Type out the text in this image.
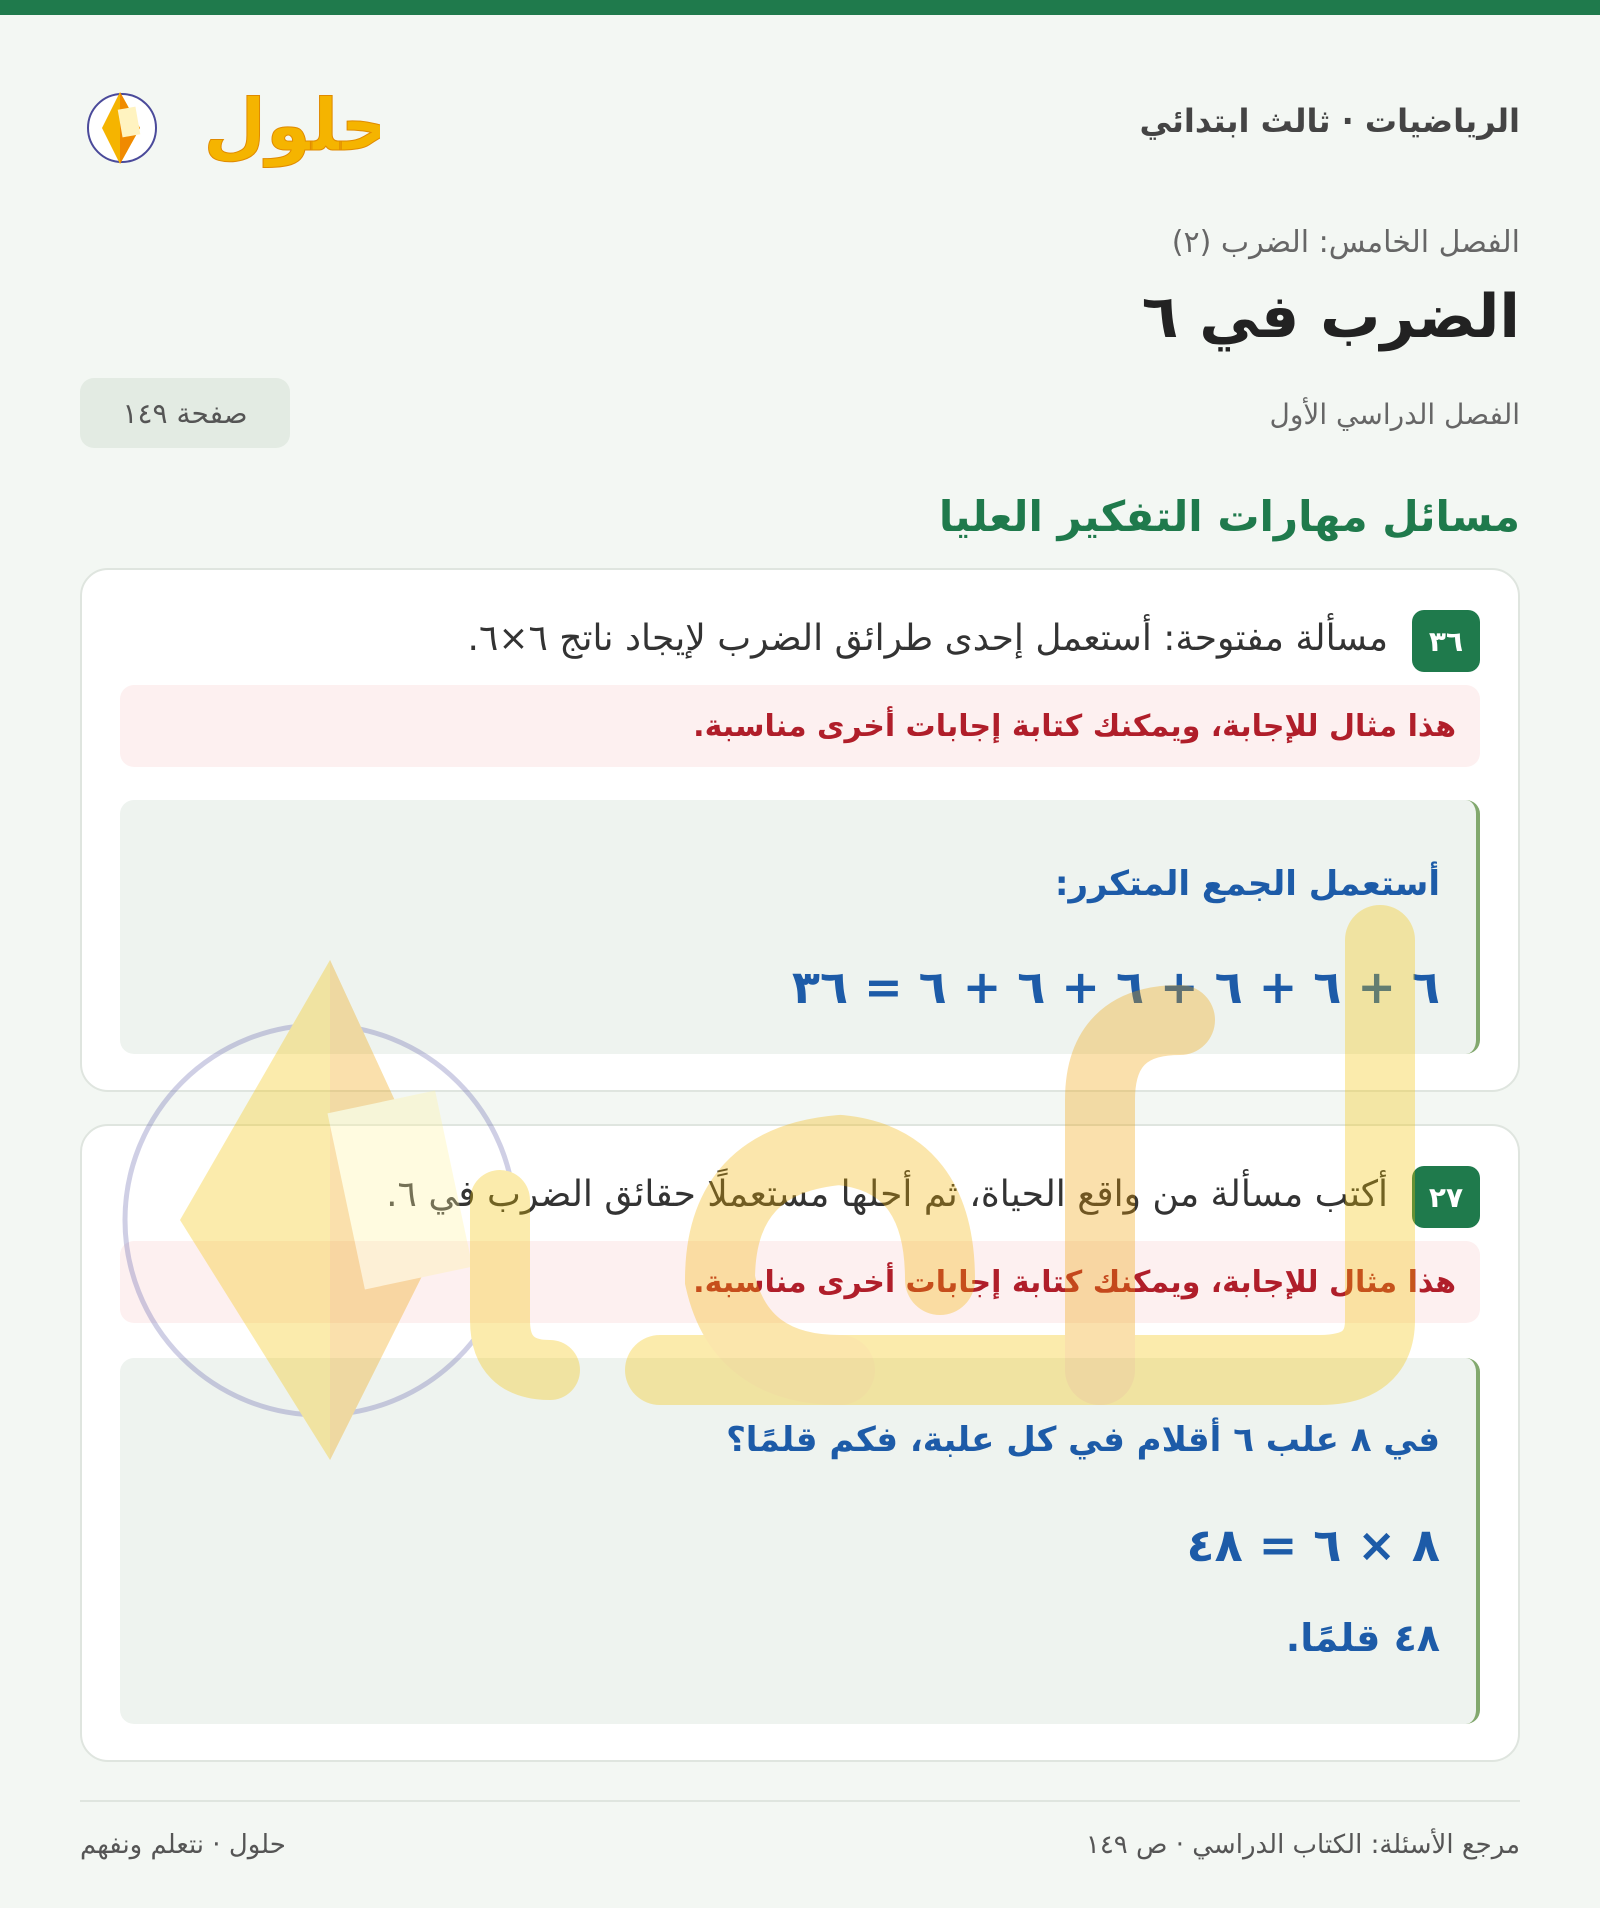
الرياضيات · ثالث ابتدائي
حلول
الفصل الخامس: الضرب (٢)
الضرب في ٦
الفصل الدراسي الأول
صفحة ١٤٩
مسائل مهارات التفكير العليا
٣٦
مسألة مفتوحة: أستعمل إحدى طرائق الضرب لإيجاد ناتج ٦×٦.
هذا مثال للإجابة، ويمكنك كتابة إجابات أخرى مناسبة.
أستعمل الجمع المتكرر:
٦ + ٦ + ٦ + ٦ + ٦ + ٦ = ٣٦
٢٧
أكتب مسألة من واقع الحياة، ثم أحلها مستعملًا حقائق الضرب في ٦.
هذا مثال للإجابة، ويمكنك كتابة إجابات أخرى مناسبة.
في ٨ علب ٦ أقلام في كل علبة، فكم قلمًا؟
٨ × ٦ = ٤٨
٤٨ قلمًا.
مرجع الأسئلة: الكتاب الدراسي · ص ١٤٩
حلول · نتعلم ونفهم
